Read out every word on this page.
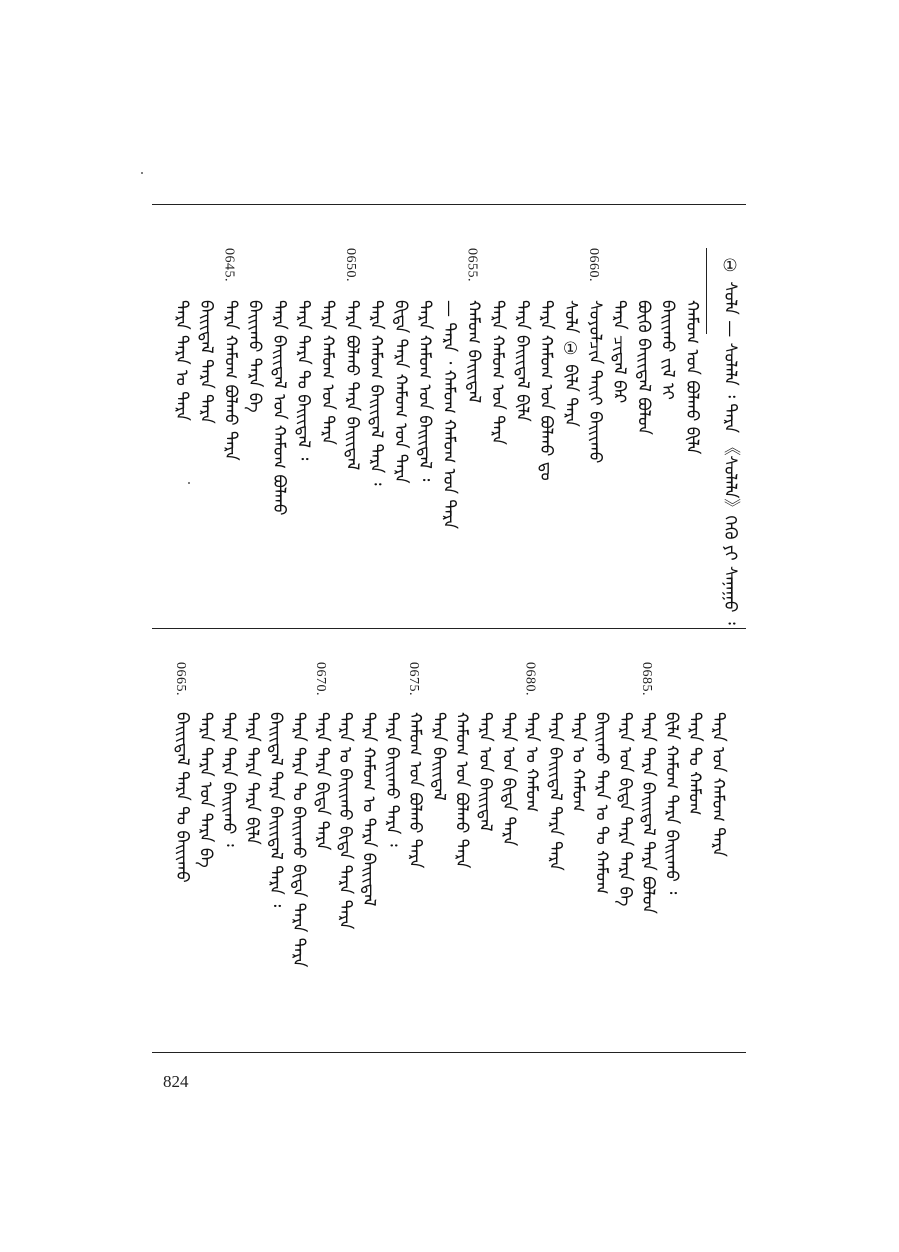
① ᠰᠤᠯᠠ — ᠰᠤᠯᠠᠯᠠ ᠄ ᠲᠡᠷᠡ 《ᠰᠤᠯᠠᠯᠠ》ᠭᠡᠬᠦ ᠶᠢ ᠰᠠᠨᠠᠭᠤ ᠄
ᠬᠠᠮᠤᠭ ᠤᠨ ᠪᠤᠯᠬᠤ ᠪᠢᠯᠡ
ᠪᠠᠢᠢᠬᠤ ᠵᠢᠯ ᠢ
ᠪᠦᠬᠦ ᠪᠠᠢᠢᠳᠠᠯ ᠪᠤᠯᠤᠨ
ᠲᠡᠷᠡ ᠴᠢᠳᠠᠯ ᠪᠡᠷ
ᠰᠤᠶᠤᠯᠴᠢᠨ ᠲᠠᠢᠢ ᠪᠠᠢᠢᠬᠤ
0660.
ᠰᠤᠯᠠ ① ᠪᠢᠯᠡ ᠲᠡᠷᠡ
ᠲᠡᠷᠡ ᠬᠠᠮᠤᠭ ᠤᠨ ᠪᠤᠯᠬᠤ ᠳᠤ
ᠲᠡᠷᠡ ᠪᠠᠢᠢᠳᠠᠯ ᠪᠢᠯᠡ
ᠲᠡᠷᠡ ᠬᠠᠮᠤᠭ ᠤᠨ ᠲᠡᠷᠡ
ᠬᠠᠮᠤᠭ ᠪᠠᠢᠢᠳᠠᠯ
0655.
— ᠲᠡᠷᠡ ᠂ ᠬᠠᠮᠤᠭ ᠬᠠᠮᠤᠭ ᠤᠨ ᠲᠡᠷᠡ
ᠲᠡᠷᠡ ᠬᠠᠮᠤᠭ ᠤᠨ ᠪᠠᠢᠢᠳᠠᠯ ᠄
ᠪᠢᠳᠡ ᠲᠡᠷᠡ ᠬᠠᠮᠤᠭ ᠤᠨ ᠲᠡᠷᠡ
ᠲᠡᠷᠡ ᠬᠠᠮᠤᠭ ᠪᠠᠢᠢᠳᠠᠯ ᠲᠡᠷᠡ ᠄
ᠲᠡᠷᠡ ᠪᠤᠯᠬᠤ ᠲᠡᠷᠡ ᠪᠠᠢᠢᠳᠠᠯ
0650.
ᠲᠡᠷᠡ ᠬᠠᠮᠤᠭ ᠤᠨ ᠲᠡᠷᠡ
ᠲᠡᠷᠡ ᠲᠡᠷᠡ ᠲᠤ ᠪᠠᠢᠢᠳᠠᠯ ᠄
ᠲᠡᠷᠡ ᠪᠠᠢᠢᠳᠠᠯ ᠤᠨ ᠬᠠᠮᠤᠭ ᠪᠤᠯᠬᠤ
ᠪᠠᠢᠢᠬᠤ ᠲᠡᠷᠡ ᠪᠠ
ᠲᠡᠷᠡ ᠬᠠᠮᠤᠭ ᠪᠤᠯᠬᠤ ᠲᠡᠷᠡ
0645.
ᠪᠠᠢᠢᠳᠠᠯ ᠲᠡᠷᠡ ᠲᠡᠷᠡ
ᠲᠡᠷᠡ ᠲᠡᠷᠡ ᠤ ᠲᠡᠷᠡ
ᠲᠡᠷᠡ ᠤᠨ ᠬᠠᠮᠤᠭ ᠲᠡᠷᠡ
ᠲᠡᠷᠡ ᠲᠤ ᠬᠠᠮᠤᠭ
ᠪᠢᠯᠡ ᠬᠠᠮᠤᠭ ᠲᠡᠷᠡ ᠪᠠᠢᠢᠬᠤ ᠄
ᠲᠡᠷᠡ ᠲᠡᠷᠡ ᠪᠠᠢᠢᠳᠠᠯ ᠲᠡᠷᠡ ᠪᠤᠯᠤᠨ
0685.
ᠲᠡᠷᠡ ᠤᠨ ᠪᠢᠳᠡ ᠲᠡᠷᠡ ᠲᠡᠷᠡ ᠪᠠ
ᠪᠠᠢᠢᠬᠤ ᠲᠡᠷᠡ ᠤ ᠲᠤ ᠬᠠᠮᠤᠭ
ᠲᠡᠷᠡ ᠤ ᠬᠠᠮᠤᠭ
ᠲᠡᠷᠡ ᠪᠠᠢᠢᠳᠠᠯ ᠲᠡᠷᠡ ᠲᠡᠷᠡ
ᠲᠡᠷᠡ ᠤ ᠬᠠᠮᠤᠭ
0680.
ᠲᠡᠷᠡ ᠤᠨ ᠪᠢᠳᠡ ᠲᠡᠷᠡ
ᠲᠡᠷᠡ ᠤᠨ ᠪᠠᠢᠢᠳᠠᠯ
ᠬᠠᠮᠤᠭ ᠤᠨ ᠪᠤᠯᠬᠤ ᠲᠡᠷᠡ
ᠲᠡᠷᠡ ᠪᠠᠢᠢᠳᠠᠯ
ᠬᠠᠮᠤᠭ ᠤᠨ ᠪᠤᠯᠬᠤ ᠲᠡᠷᠡ
0675.
ᠲᠡᠷᠡ ᠪᠠᠢᠢᠬᠤ ᠲᠡᠷᠡ ᠄
ᠲᠡᠷᠡ ᠬᠠᠮᠤᠭ ᠤ ᠲᠡᠷᠡ ᠪᠠᠢᠢᠳᠠᠯ
ᠲᠡᠷᠡ ᠤ ᠪᠠᠢᠢᠬᠤ ᠪᠢᠳᠡ ᠲᠡᠷᠡ ᠲᠡᠷᠡ
ᠲᠡᠷᠡ ᠲᠡᠷᠡ ᠪᠢᠳᠡ ᠲᠡᠷᠡ
0670.
ᠲᠡᠷᠡ ᠲᠡᠷᠡ ᠲᠤ ᠪᠠᠢᠢᠬᠤ ᠪᠢᠳᠡ ᠲᠡᠷᠡ ᠲᠡᠷᠡ
ᠪᠠᠢᠢᠳᠠᠯ ᠲᠡᠷᠡ ᠪᠠᠢᠢᠳᠠᠯ ᠲᠡᠷᠡ ᠄
ᠲᠡᠷᠡ ᠲᠡᠷᠡ ᠲᠡᠷᠡ ᠪᠢᠯᠡ
ᠲᠡᠷᠡ ᠲᠡᠷᠡ ᠪᠠᠢᠢᠬᠤ ᠄
ᠲᠡᠷᠡ ᠲᠡᠷᠡ ᠤᠨ ᠲᠡᠷᠡ ᠪᠠ
ᠪᠠᠢᠢᠳᠠᠯ ᠲᠡᠷᠡ ᠲᠤ ᠪᠠᠢᠢᠬᠤ
0665.
824
